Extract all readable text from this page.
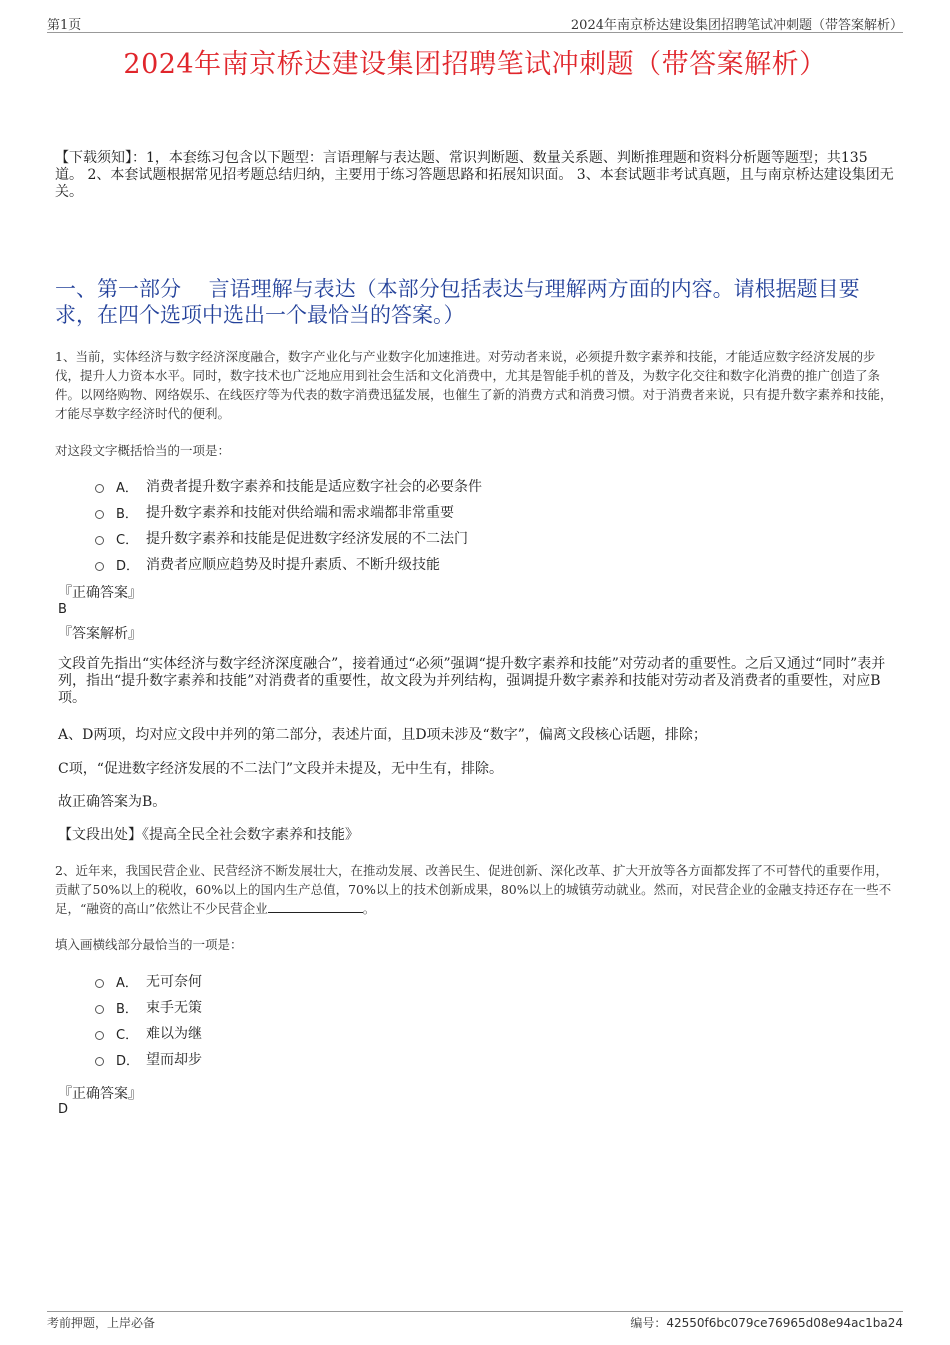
第1页	2024年南京桥达建设集团招聘笔试冲刺题（带答案解析）
2024年南京桥达建设集团招聘笔试冲刺题（带答案解析）
【下载须知】：1，本套练习包含以下题型：言语理解与表达题、常识判断题、数量关系题、判断推理题和资料分析题等题型；共135道。 2、本套试题根据常见招考题总结归纳，主要用于练习答题思路和拓展知识面。 3、本套试题非考试真题，且与南京桥达建设集团无关。
一、第一部分　 言语理解与表达（本部分包括表达与理解两方面的内容。请根据题目要求，在四个选项中选出一个最恰当的答案。）
1、当前，实体经济与数字经济深度融合，数字产业化与产业数字化加速推进。对劳动者来说，必须提升数字素养和技能，才能适应数字经济发展的步伐，提升人力资本水平。同时，数字技术也广泛地应用到社会生活和文化消费中，尤其是智能手机的普及，为数字化交往和数字化消费的推广创造了条件。以网络购物、网络娱乐、在线医疗等为代表的数字消费迅猛发展，也催生了新的消费方式和消费习惯。对于消费者来说，只有提升数字素养和技能，才能尽享数字经济时代的便利。
对这段文字概括恰当的一项是：
A． 消费者提升数字素养和技能是适应数字社会的必要条件
B． 提升数字素养和技能对供给端和需求端都非常重要
C． 提升数字素养和技能是促进数字经济发展的不二法门
D． 消费者应顺应趋势及时提升素质、不断升级技能
『正确答案』
B
『答案解析』
文段首先指出“实体经济与数字经济深度融合”，接着通过“必须”强调“提升数字素养和技能”对劳动者的重要性。之后又通过“同时”表并列，指出“提升数字素养和技能”对消费者的重要性，故文段为并列结构，强调提升数字素养和技能对劳动者及消费者的重要性，对应B项。
A、D两项，均对应文段中并列的第二部分，表述片面，且D项未涉及“数字”，偏离文段核心话题，排除；
C项，“促进数字经济发展的不二法门”文段并未提及，无中生有，排除。
故正确答案为B。
【文段出处】《提高全民全社会数字素养和技能》
2、近年来，我国民营企业、民营经济不断发展壮大，在推动发展、改善民生、促进创新、深化改革、扩大开放等各方面都发挥了不可替代的重要作用，贡献了50%以上的税收，60%以上的国内生产总值，70%以上的技术创新成果，80%以上的城镇劳动就业。然而，对民营企业的金融支持还存在一些不足，“融资的高山”依然让不少民营企业	。
填入画横线部分最恰当的一项是：
A． 无可奈何
B． 束手无策
C． 难以为继
D． 望而却步
『正确答案』
D
考前押题，上岸必备	编号：42550f6bc079ce76965d08e94ac1ba24
